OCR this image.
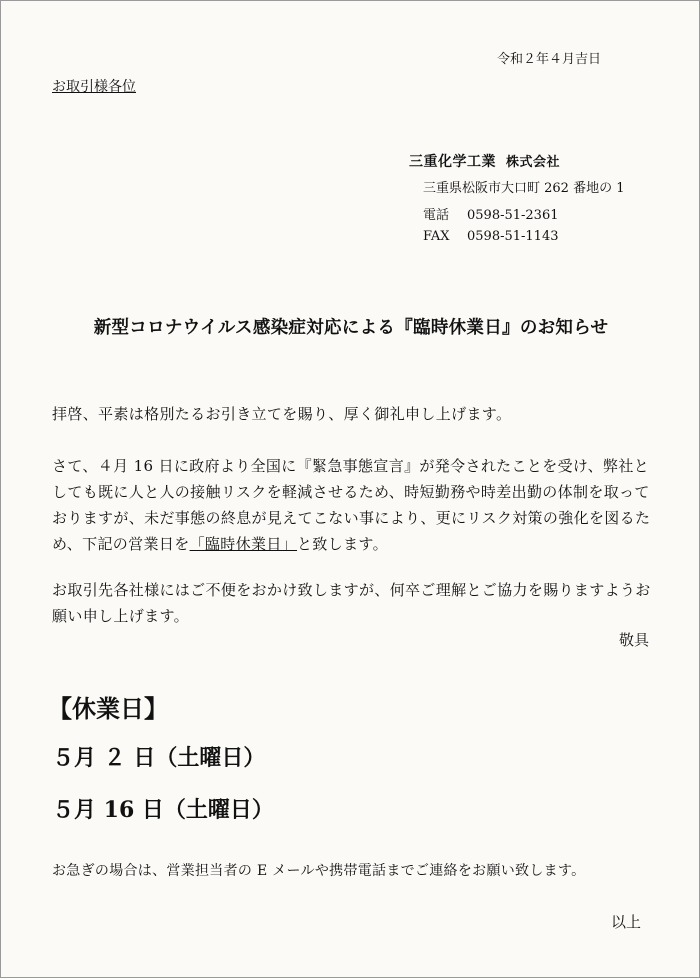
令和２年４月吉日
お取引様各位
三重化学工業 株式会社
三重県松阪市大口町 262 番地の 1
電話 0598-51-2361
FAX 0598-51-1143
新型コロナウイルス感染症対応による『臨時休業日』のお知らせ
拝啓、平素は格別たるお引き立てを賜り、厚く御礼申し上げます。
さて、４月 16 日に政府より全国に『緊急事態宣言』が発令されたことを受け、弊社としても既に人と人の接触リスクを軽減させるため、時短勤務や時差出勤の体制を取っておりますが、未だ事態の終息が見えてこない事により、更にリスク対策の強化を図るため、下記の営業日を「臨時休業日」と致します。
お取引先各社様にはご不便をおかけ致しますが、何卒ご理解とご協力を賜りますようお願い申し上げます。
敬具
【休業日】
５月 ２ 日（土曜日）
５月 16 日（土曜日）
お急ぎの場合は、営業担当者の E メールや携帯電話までご連絡をお願い致します。
以上
